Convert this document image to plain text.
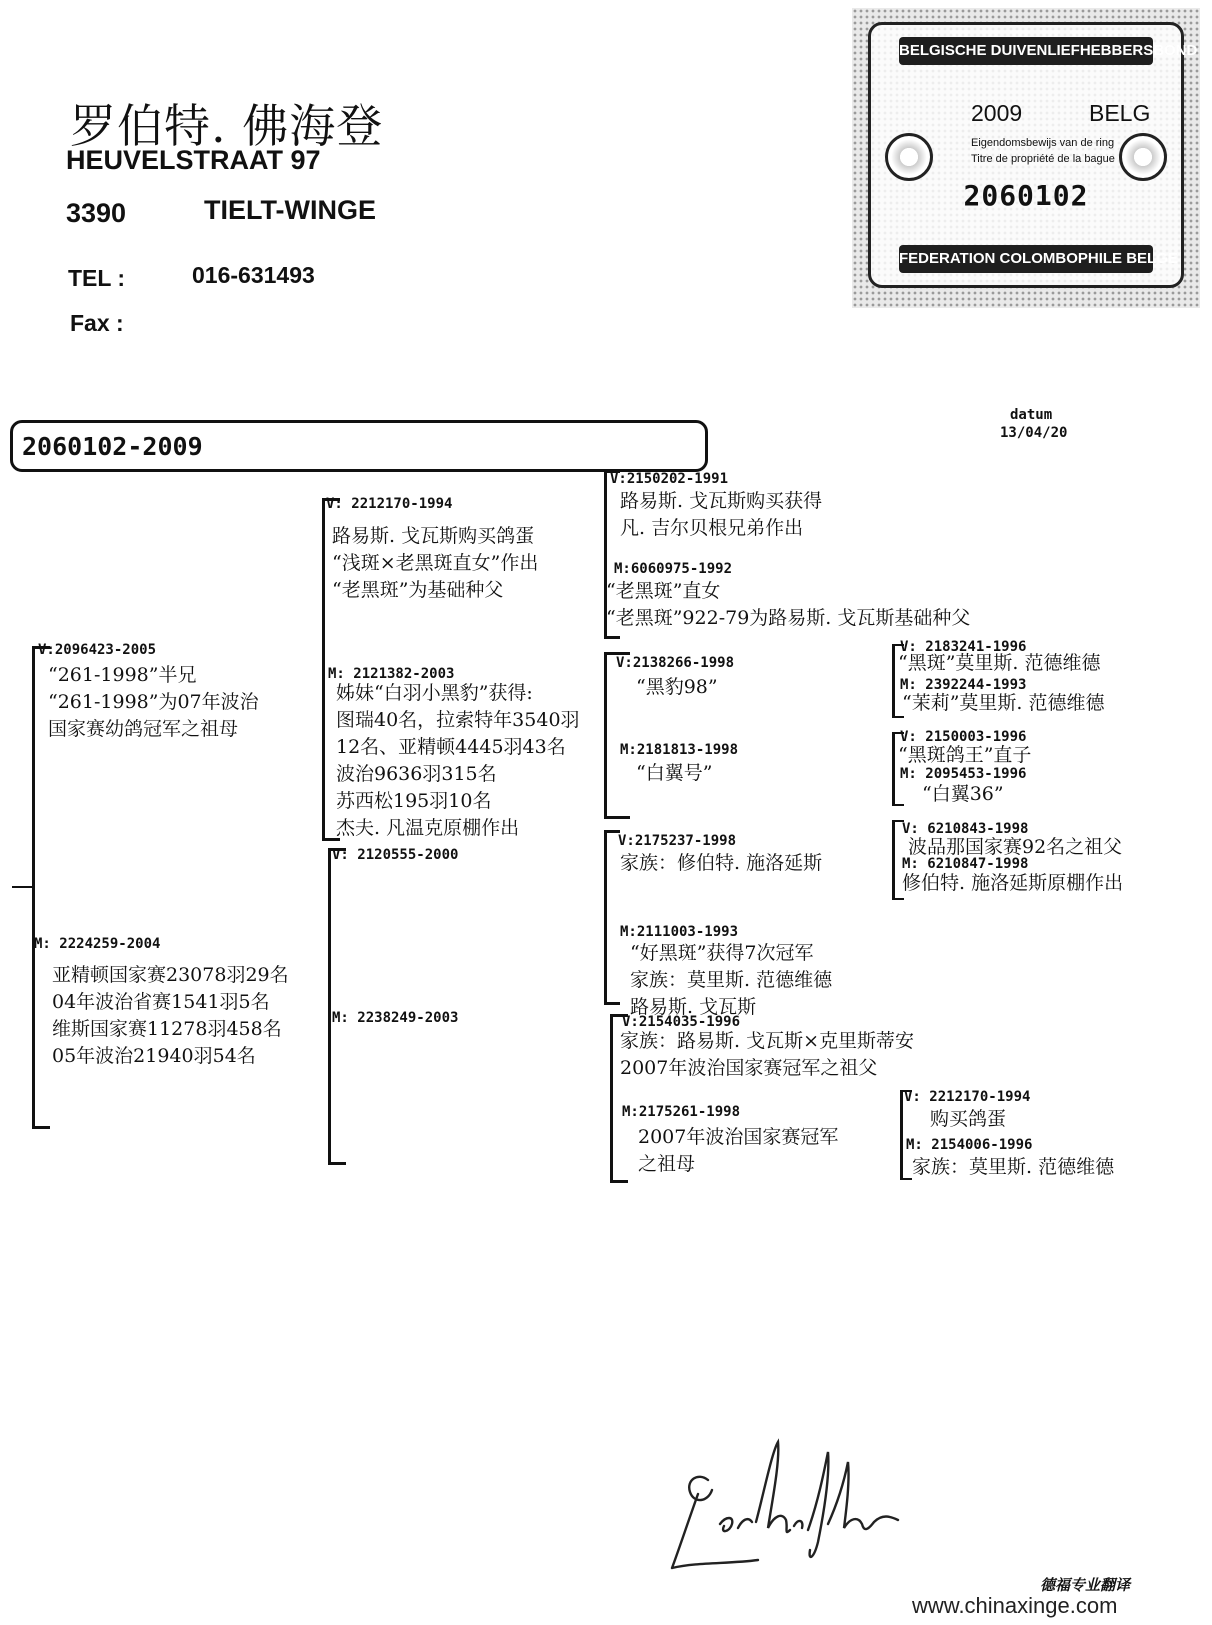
罗伯特. 佛海登
HEUVELSTRAAT 97
3390	TIELT-WINGE
TEL :	016-631493
Fax :
BELGISCHE DUIVENLIEFHEBBERSBOND
2009	BELG
Eigendomsbewijs van de ring
Titre de propriété de la bague
2060102
FEDERATION COLOMBOPHILE BELGE
2060102-2009
datum
13/04/20
V:2096423-2005
“261-1998”半兄
“261-1998”为07年波治
国家赛幼鸽冠军之祖母
M: 2224259-2004
亚精顿国家赛23078羽29名
04年波治省赛1541羽5名
维斯国家赛11278羽458名
05年波治21940羽54名
V: 2212170-1994
路易斯. 戈瓦斯购买鸽蛋
“浅斑×老黑斑直女”作出
“老黑斑”为基础种父
M: 2121382-2003
姊妹“白羽小黑豹”获得:
图瑞40名，拉索特年3540羽
12名、亚精顿4445羽43名
波治9636羽315名
苏西松195羽10名
杰夫. 凡温克原棚作出
V: 2120555-2000
M: 2238249-2003
V:2150202-1991
路易斯. 戈瓦斯购买获得
凡. 吉尔贝根兄弟作出
M:6060975-1992
“老黑斑”直女
“老黑斑”922-79为路易斯. 戈瓦斯基础种父
V:2138266-1998
“黑豹98”
M:2181813-1998
“白翼号”
V:2175237-1998
家族：修伯特. 施洛延斯
M:2111003-1993
“好黑斑”获得7次冠军
家族：莫里斯. 范德维德
路易斯. 戈瓦斯
V:2154035-1996
家族：路易斯. 戈瓦斯×克里斯蒂安
2007年波治国家赛冠军之祖父
M:2175261-1998
2007年波治国家赛冠军
之祖母
V: 2183241-1996
“黑斑”莫里斯. 范德维德
M: 2392244-1993
“茉莉”莫里斯. 范德维德
V: 2150003-1996
“黑斑鸽王”直子
M: 2095453-1996
“白翼36”
V: 6210843-1998
波品那国家赛92名之祖父
M: 6210847-1998
修伯特. 施洛延斯原棚作出
V: 2212170-1994
购买鸽蛋
M: 2154006-1996
家族：莫里斯. 范德维德
德福专业翻译
www.chinaxinge.com
